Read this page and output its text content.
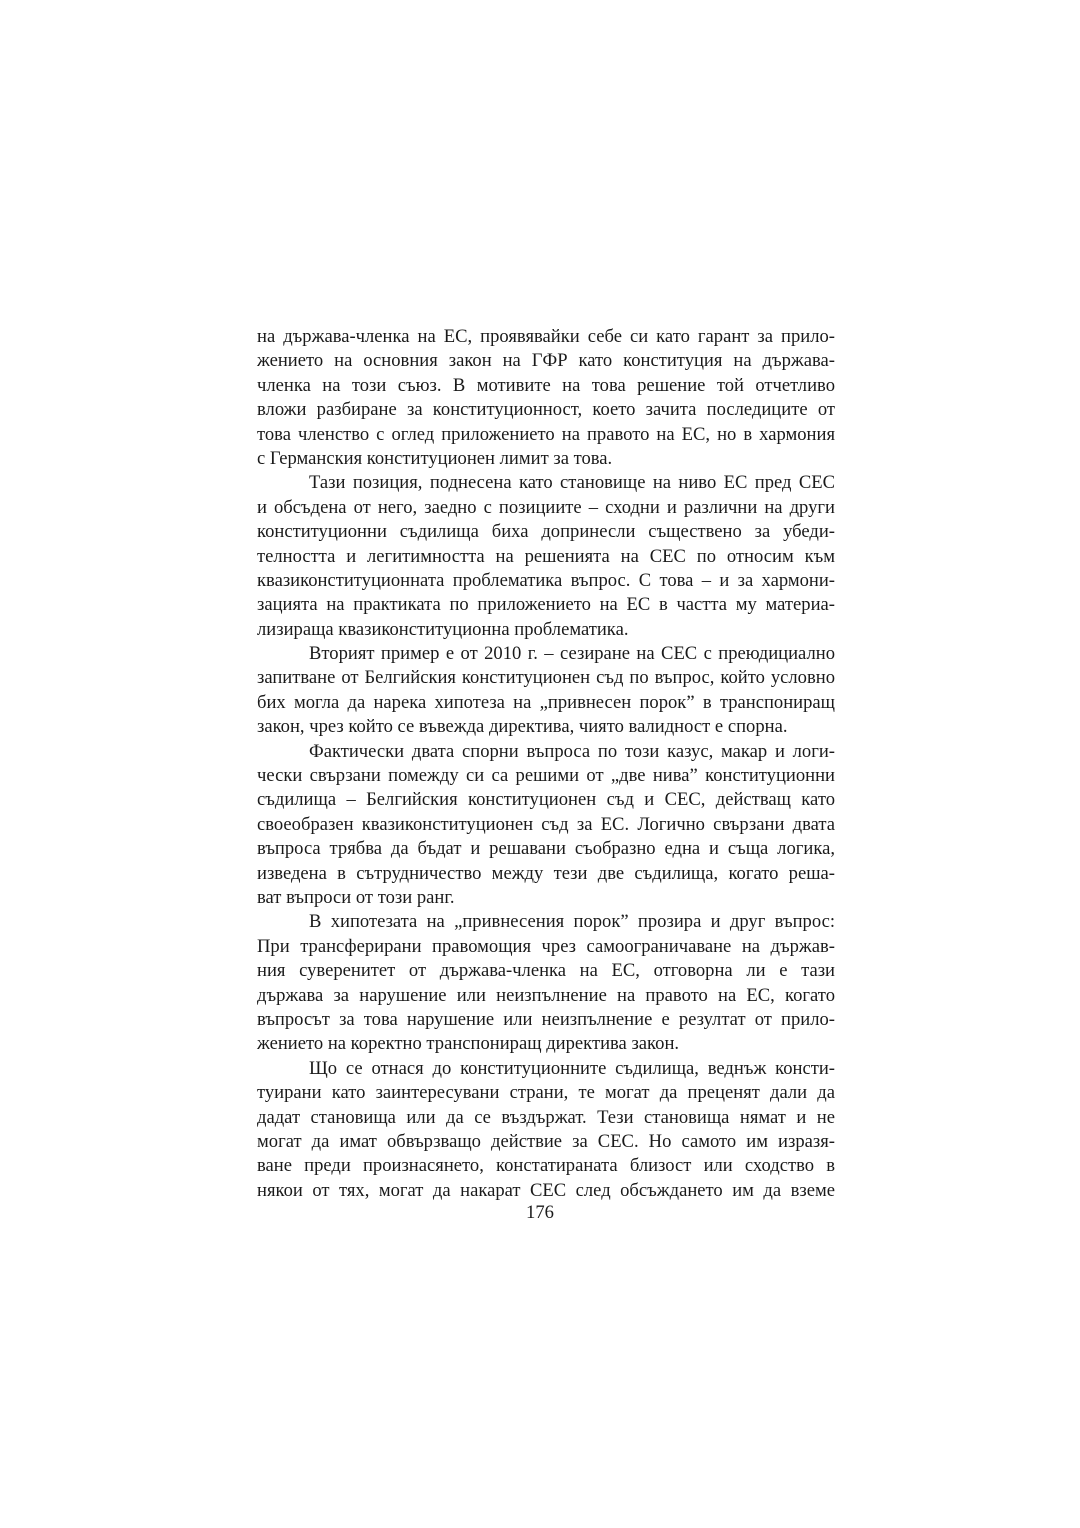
на държава-членка на ЕС, проявявайки себе си като гарант за прило-
жението на основния закон на ГФР като конституция на държава-
членка на този съюз. В мотивите на това решение той отчетливо
вложи разбиране за конституционност, което зачита последиците от
това членство с оглед приложението на правото на ЕС, но в хармония
с Германския конституционен лимит за това.
Тази позиция, поднесена като становище на ниво ЕС пред СЕС
и обсъдена от него, заедно с позициите – сходни и различни на други
конституционни съдилища биха допринесли съществено за убеди-
телността и легитимността на решенията на СЕС по относим към
квазиконституционната проблематика въпрос. С това – и за хармони-
зацията на практиката по приложението на ЕС в частта му материа-
лизираща квазиконституционна проблематика.
Вторият пример е от 2010 г. – сезиране на СЕС с преюдициално
запитване от Белгийския конституционен съд по въпрос, който условно
бих могла да нарека хипотеза на „привнесен порок” в транспониращ
закон, чрез който се въвежда директива, чиято валидност е спорна.
Фактически двата спорни въпроса по този казус, макар и логи-
чески свързани помежду си са решими от „две нива” конституционни
съдилища – Белгийския конституционен съд и СЕС, действащ като
своеобразен квазиконституционен съд за ЕС. Логично свързани двата
въпроса трябва да бъдат и решавани съобразно една и съща логика,
изведена в сътрудничество между тези две съдилища, когато реша-
ват въпроси от този ранг.
В хипотезата на „привнесения порок” прозира и друг въпрос:
При трансферирани правомощия чрез самоограничаване на държав-
ния суверенитет от държава-членка на ЕС, отговорна ли е тази
държава за нарушение или неизпълнение на правото на ЕС, когато
въпросът за това нарушение или неизпълнение е резултат от прило-
жението на коректно транспониращ директива закон.
Що се отнася до конституционните съдилища, веднъж консти-
туирани като заинтересувани страни, те могат да преценят дали да
дадат становища или да се въздържат. Тези становища нямат и не
могат да имат обвързващо действие за СЕС. Но самото им изразя-
ване преди произнасянето, констатираната близост или сходство в
някои от тях, могат да накарат СЕС след обсъждането им да вземе
176
